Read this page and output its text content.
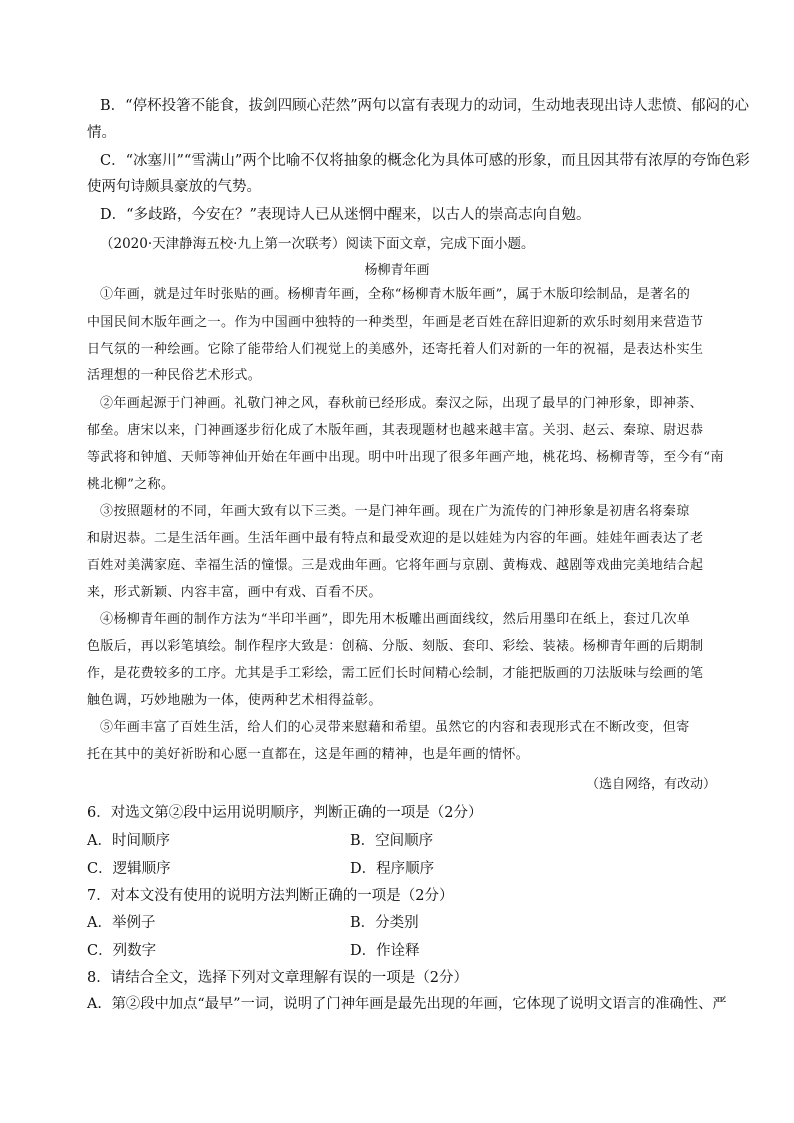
B．“停杯投箸不能食，拔剑四顾心茫然”两句以富有表现力的动词，生动地表现出诗人悲愤、郁闷的心
情。
C．“冰塞川”“雪满山”两个比喻不仅将抽象的概念化为具体可感的形象，而且因其带有浓厚的夸饰色彩
使两句诗颇具豪放的气势。
D．“多歧路，今安在？”表现诗人已从迷惘中醒来，以古人的崇高志向自勉。
（2020·天津静海五校·九上第一次联考）阅读下面文章，完成下面小题。
杨柳青年画
①年画，就是过年时张贴的画。杨柳青年画，全称“杨柳青木版年画”，属于木版印绘制品，是著名的
中国民间木版年画之一。作为中国画中独特的一种类型，年画是老百姓在辞旧迎新的欢乐时刻用来营造节
日气氛的一种绘画。它除了能带给人们视觉上的美感外，还寄托着人们对新的一年的祝福，是表达朴实生
活理想的一种民俗艺术形式。
②年画起源于门神画。礼敬门神之风，春秋前已经形成。秦汉之际，出现了最早的门神形象，即神荼、
郁垒。唐宋以来，门神画逐步衍化成了木版年画，其表现题材也越来越丰富。关羽、赵云、秦琼、尉迟恭
等武将和钟馗、天师等神仙开始在年画中出现。明中叶出现了很多年画产地，桃花坞、杨柳青等，至今有“南
桃北柳”之称。
③按照题材的不同，年画大致有以下三类。一是门神年画。现在广为流传的门神形象是初唐名将秦琼
和尉迟恭。二是生活年画。生活年画中最有特点和最受欢迎的是以娃娃为内容的年画。娃娃年画表达了老
百姓对美满家庭、幸福生活的憧憬。三是戏曲年画。它将年画与京剧、黄梅戏、越剧等戏曲完美地结合起
来，形式新颖、内容丰富，画中有戏、百看不厌。
④杨柳青年画的制作方法为“半印半画”，即先用木板雕出画面线纹，然后用墨印在纸上，套过几次单
色版后，再以彩笔填绘。制作程序大致是：创稿、分版、刻版、套印、彩绘、装裱。杨柳青年画的后期制
作，是花费较多的工序。尤其是手工彩绘，需工匠们长时间精心绘制，才能把版画的刀法版味与绘画的笔
触色调，巧妙地融为一体，使两种艺术相得益彰。
⑤年画丰富了百姓生活，给人们的心灵带来慰藉和希望。虽然它的内容和表现形式在不断改变，但寄
托在其中的美好祈盼和心愿一直都在，这是年画的精神，也是年画的情怀。
（选自网络，有改动）
6．对选文第②段中运用说明顺序，判断正确的一项是（2分）
A．时间顺序	B．空间顺序
C．逻辑顺序	D．程序顺序
7．对本文没有使用的说明方法判断正确的一项是（2分）
A．举例子	B．分类别
C．列数字	D．作诠释
8．请结合全文，选择下列对文章理解有误的一项是（2分）
A．第②段中加点“最早”一词，说明了门神年画是最先出现的年画，它体现了说明文语言的准确性、严
